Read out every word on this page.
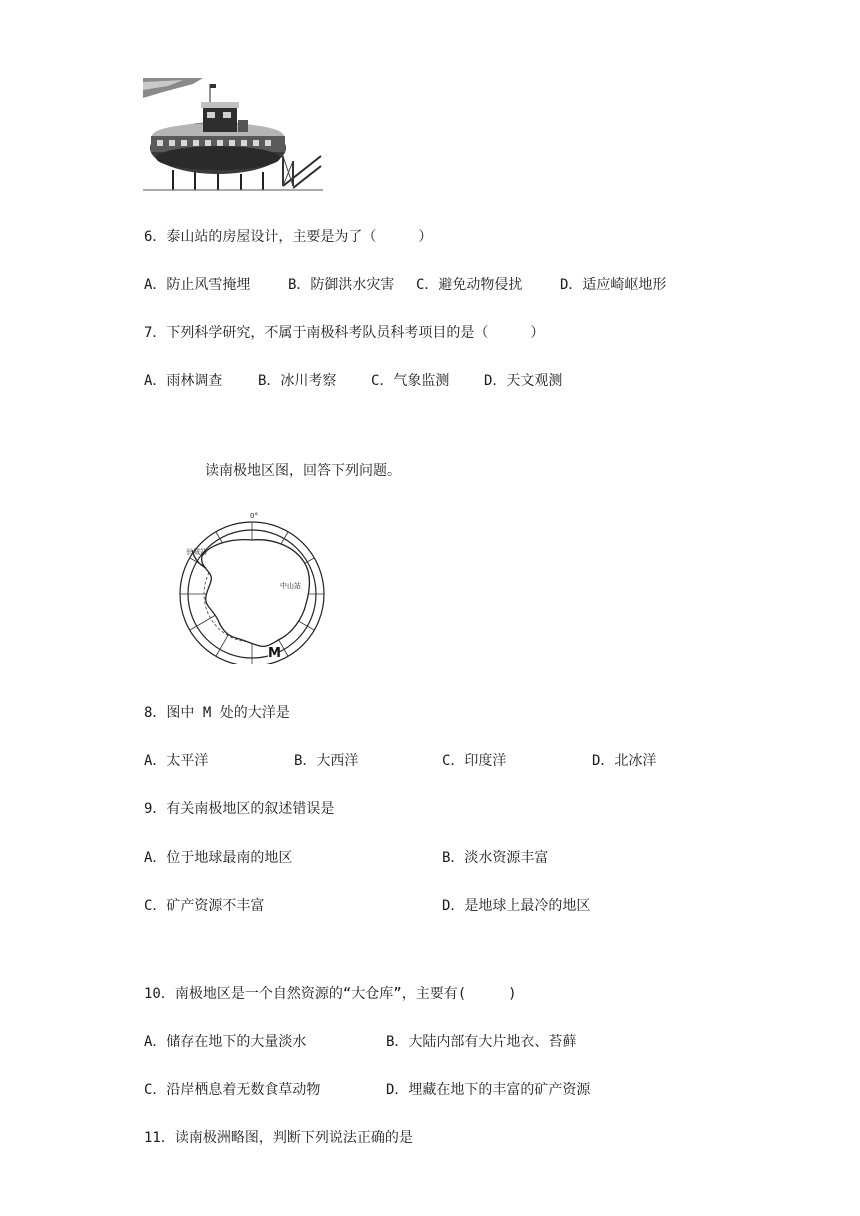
6．泰山站的房屋设计，主要是为了（　　　）
A．防止风雪掩埋	B．防御洪水灾害 C．避免动物侵扰	D．适应崎岖地形
7．下列科学研究，不属于南极科考队员科考项目的是（　　　）
A．雨林调查	B．冰川考察 C．气象监测 D．天文观测
读南极地区图，回答下列问题。
M
0°
长城站
中山站
8．图中 M 处的大洋是
A．太平洋	B．大西洋	C．印度洋	D．北冰洋
9．有关南极地区的叙述错误是
A．位于地球最南的地区	B．淡水资源丰富
C．矿产资源不丰富	D．是地球上最冷的地区
10．南极地区是一个自然资源的“大仓库”，主要有(　　　)
A．储存在地下的大量淡水	B．大陆内部有大片地衣、苔藓
C．沿岸栖息着无数食草动物	D．埋藏在地下的丰富的矿产资源
11．读南极洲略图，判断下列说法正确的是
